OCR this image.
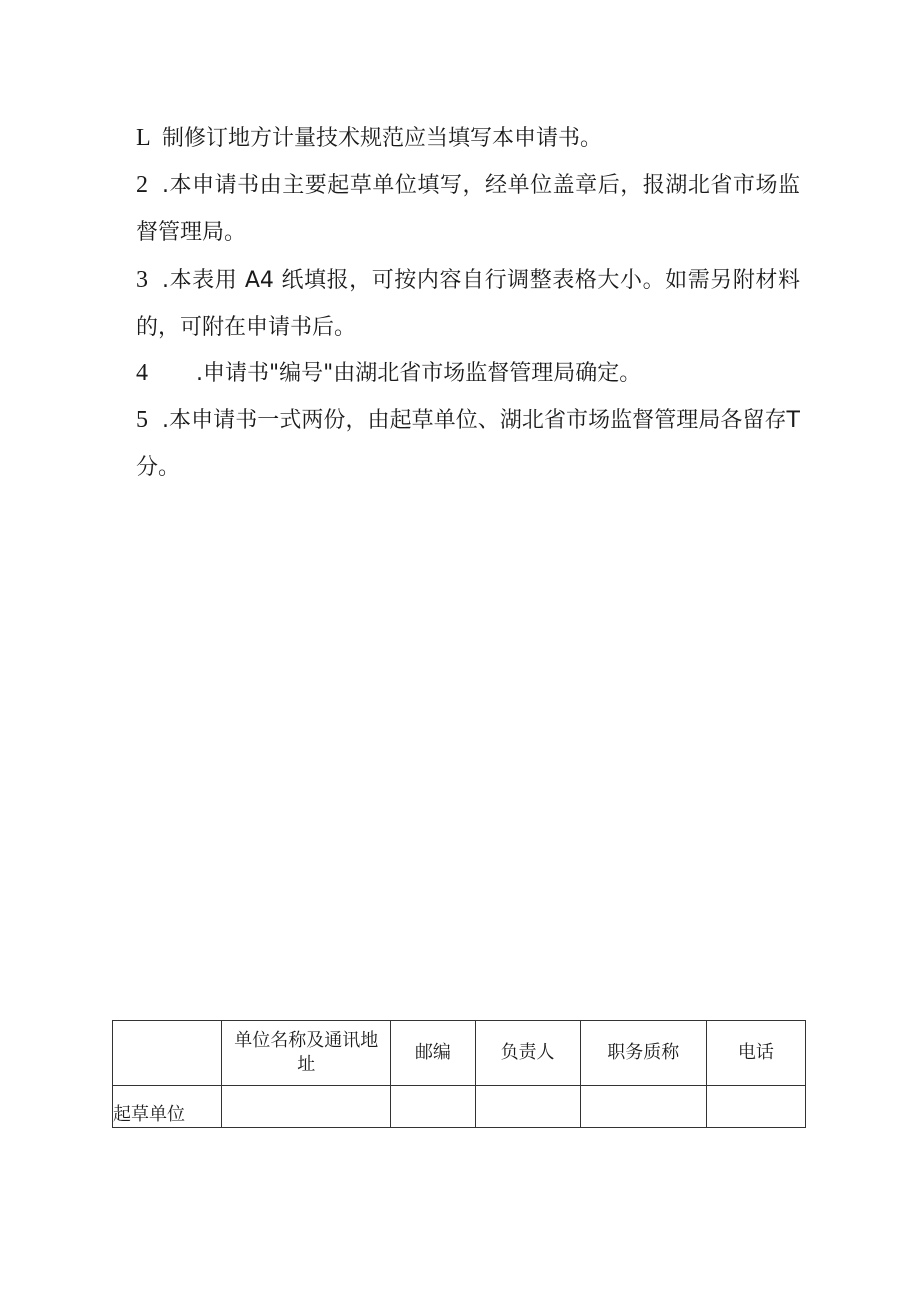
L 制修订地方计量技术规范应当填写本申请书。

2 .本申请书由主要起草单位填写，经单位盖章后，报湖北省市场监督管理局。

3 .本表用 A4 纸填报，可按内容自行调整表格大小。如需另附材料的，可附在申请书后。

4 .申请书"编号"由湖北省市场监督管理局确定。

5 .本申请书一式两份，由起草单位、湖北省市场监督管理局各留存T分。

	单位名称及通讯地址	邮编	负责人	职务质称	电话
起草单位					
